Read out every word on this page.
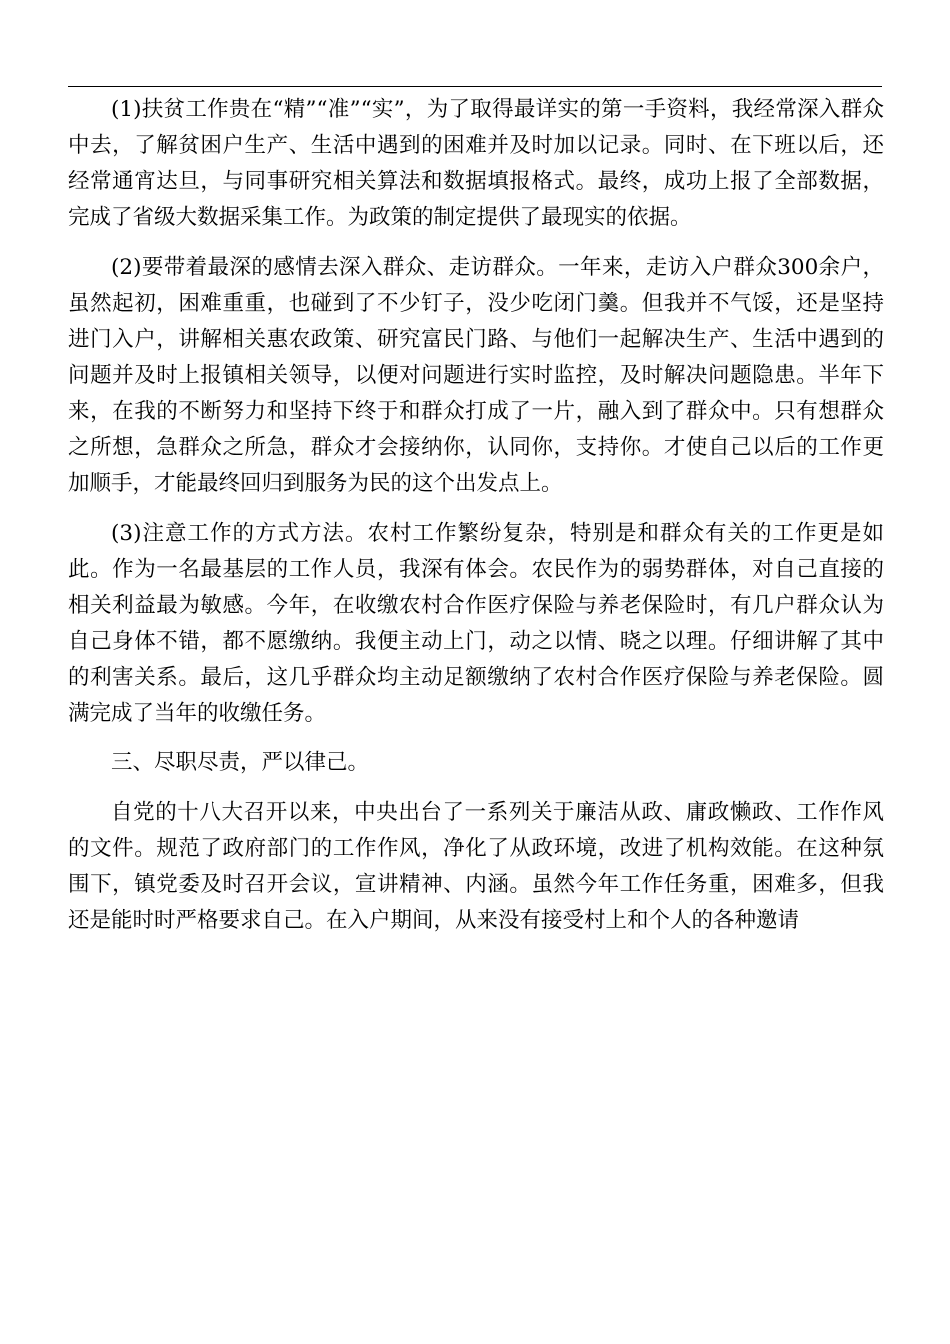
(1)扶贫工作贵在“精”“准”“实”，为了取得最详实的第一手资料，我经常深入群众中去，了解贫困户生产、生活中遇到的困难并及时加以记录。同时、在下班以后，还经常通宵达旦，与同事研究相关算法和数据填报格式。最终，成功上报了全部数据，完成了省级大数据采集工作。为政策的制定提供了最现实的依据。

(2)要带着最深的感情去深入群众、走访群众。一年来，走访入户群众300余户，虽然起初，困难重重，也碰到了不少钉子，没少吃闭门羹。但我并不气馁，还是坚持进门入户，讲解相关惠农政策、研究富民门路、与他们一起解决生产、生活中遇到的问题并及时上报镇相关领导，以便对问题进行实时监控，及时解决问题隐患。半年下来，在我的不断努力和坚持下终于和群众打成了一片，融入到了群众中。只有想群众之所想，急群众之所急，群众才会接纳你，认同你，支持你。才使自己以后的工作更加顺手，才能最终回归到服务为民的这个出发点上。

(3)注意工作的方式方法。农村工作繁纷复杂，特别是和群众有关的工作更是如此。作为一名最基层的工作人员，我深有体会。农民作为的弱势群体，对自己直接的相关利益最为敏感。今年，在收缴农村合作医疗保险与养老保险时，有几户群众认为自己身体不错，都不愿缴纳。我便主动上门，动之以情、晓之以理。仔细讲解了其中的利害关系。最后，这几乎群众均主动足额缴纳了农村合作医疗保险与养老保险。圆满完成了当年的收缴任务。

三、尽职尽责，严以律己。

自党的十八大召开以来，中央出台了一系列关于廉洁从政、庸政懒政、工作作风的文件。规范了政府部门的工作作风，净化了从政环境，改进了机构效能。在这种氛围下，镇党委及时召开会议，宣讲精神、内涵。虽然今年工作任务重，困难多，但我还是能时时严格要求自己。在入户期间，从来没有接受村上和个人的各种邀请
